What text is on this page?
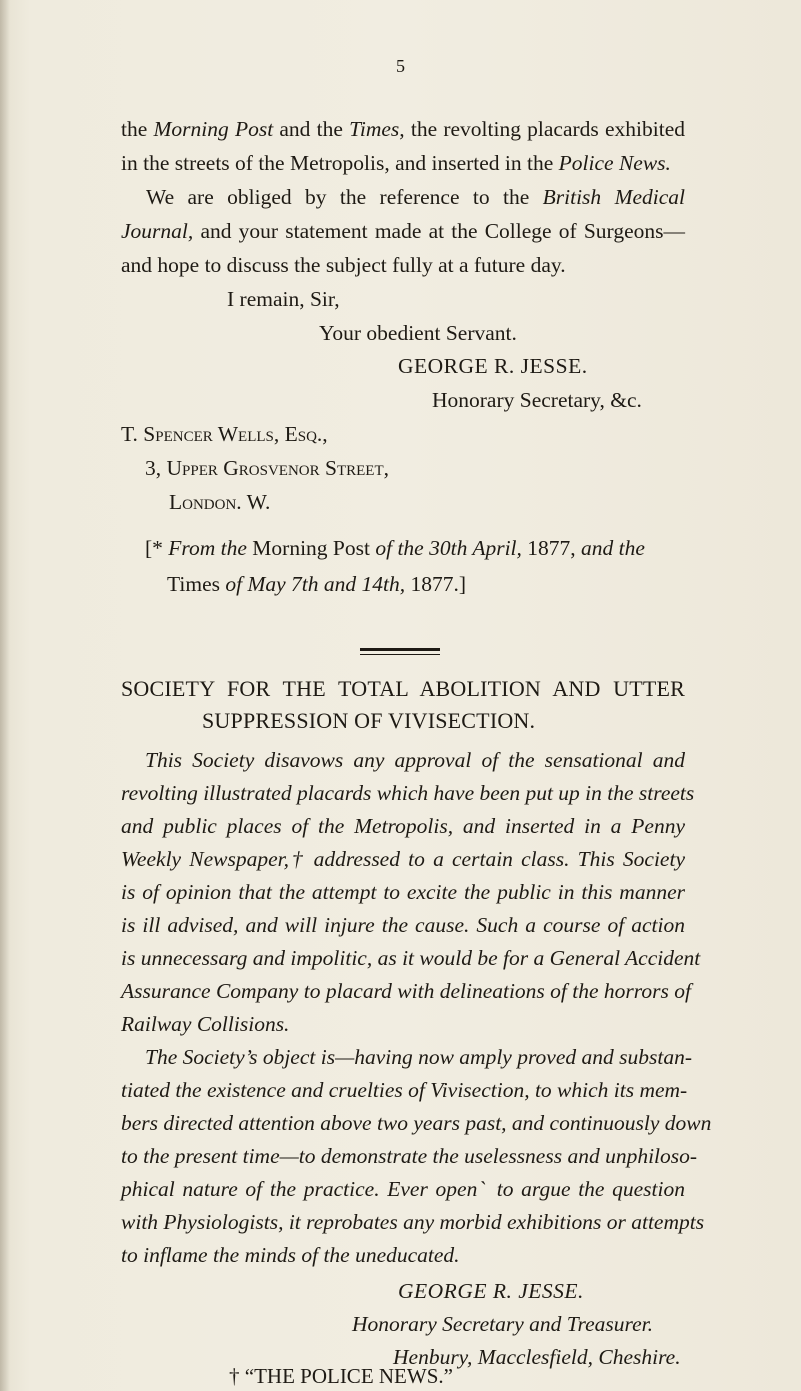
5
the Morning Post and the Times, the revolting placards exhibited
in the streets of the Metropolis, and inserted in the Police News.
We are obliged by the reference to the British Medical
Journal, and your statement made at the College of Surgeons—
and hope to discuss the subject fully at a future day.
I remain, Sir,
Your obedient Servant.
GEORGE R. JESSE.
Honorary Secretary, &c.
T. Spencer Wells, Esq.,
3, Upper Grosvenor Street,
London. W.
[* From the Morning Post of the 30th April, 1877, and the
Times of May 7th and 14th, 1877.]
SOCIETY FOR THE TOTAL ABOLITION AND UTTER
SUPPRESSION OF VIVISECTION.
This Society disavows any approval of the sensational and
revolting illustrated placards which have been put up in the streets
and public places of the Metropolis, and inserted in a Penny
Weekly Newspaper,† addressed to a certain class. This Society
is of opinion that the attempt to excite the public in this manner
is ill advised, and will injure the cause. Such a course of action
is unnecessarg and impolitic, as it would be for a General Accident
Assurance Company to placard with delineations of the horrors of
Railway Collisions.
The Society’s object is—having now amply proved and substan-
tiated the existence and cruelties of Vivisection, to which its mem-
bers directed attention above two years past, and continuously down
to the present time—to demonstrate the uselessness and unphiloso-
phical nature of the practice. Ever openˋ to argue the question
with Physiologists, it reprobates any morbid exhibitions or attempts
to inflame the minds of the uneducated.
GEORGE R. JESSE.
Honorary Secretary and Treasurer.
Henbury, Macclesfield, Cheshire.
† “THE POLICE NEWS.”
